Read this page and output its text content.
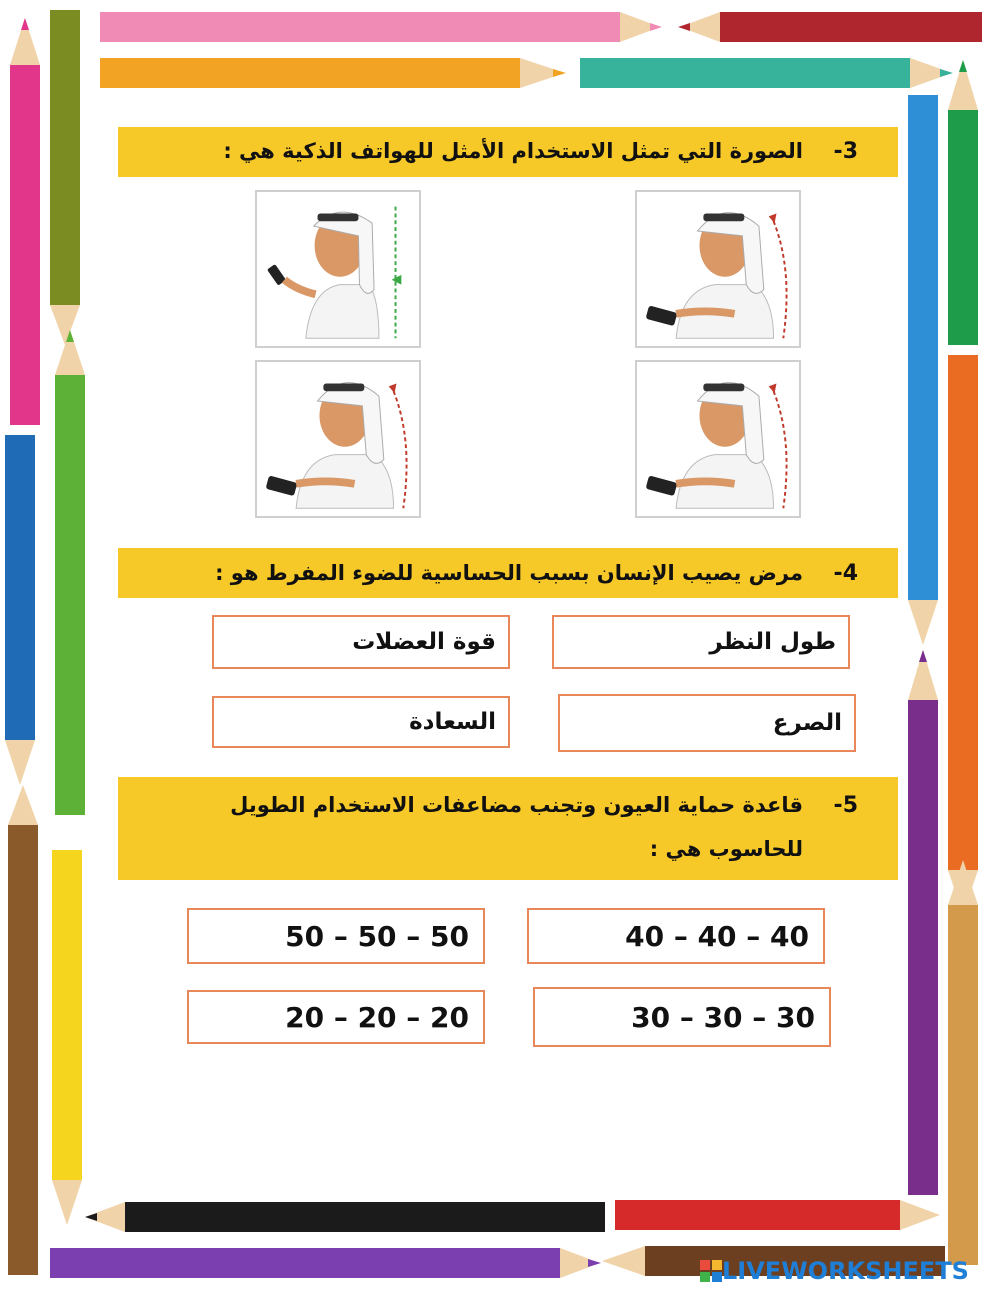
3-
الصورة التي تمثل الاستخدام الأمثل للهواتف الذكية هي :
4-
مرض يصيب الإنسان بسبب الحساسية للضوء المفرط هو :
طول النظر
قوة العضلات
الصرع
السعادة
5-
قاعدة حماية العيون وتجنب مضاعفات الاستخدام الطويل
للحاسوب هي :
40 – 40 – 40
50 – 50 – 50
30 – 30 – 30
20 – 20 – 20
LIVEWORKSHEETS
